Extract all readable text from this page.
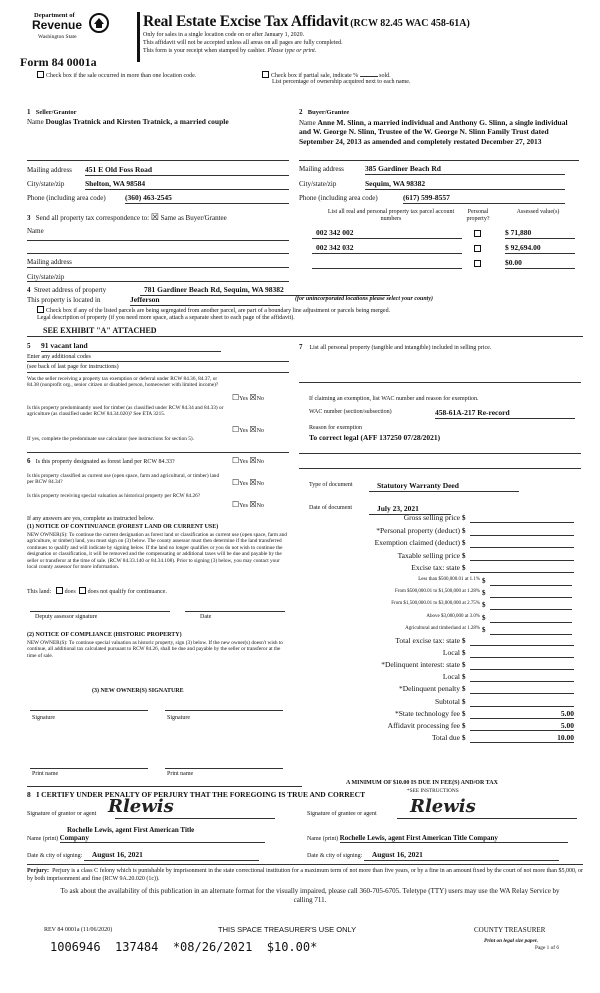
Department of
Revenue
Washington State
Form 84 0001a
Real Estate Excise Tax Affidavit (RCW 82.45 WAC 458-61A)
Only for sales in a single location code on or after January 1, 2020.
This affidavit will not be accepted unless all areas on all pages are fully completed.
This form is your receipt when stamped by cashier. Please type or print.
Check box if the sale occurred in more than one location code.	Check box if partial sale, indicate %	sold.
List percentage of ownership acquired next to each name.
1 Seller/Grantor
Name Douglas Tratnick and Kirsten Tratnick, a married couple
Mailing address 451 E Old Foss Road
City/state/zip	Shelton, WA 98584
Phone (including area code)	(360) 463-2545
3 Send all property tax correspondence to: ☒ Same as Buyer/Grantee
Name
Mailing address
City/state/zip
2 Buyer/Grantee
Name Anne M. Slinn, a married individual and Anthony G. Slinn, a single individual and W. George N. Slinn, Trustee of the W. George N. Slinn Family Trust dated September 24, 2013 as amended and completely restated December 27, 2013
Mailing address	385 Gardiner Beach Rd
City/state/zip	Sequim, WA 98382
Phone (including area code)	(617) 599-8557
List all real and personal property tax parcel account numbers
Personal property?
Assessed value(s)
002 342 002	$ 71,880
002 342 032	$ 92,694.00
$0.00
4 Street address of property	781 Gardiner Beach Rd, Sequim, WA 98382
This property is located in	Jefferson	(for unincorporated locations please select your county)
Check box if any of the listed parcels are being segregated from another parcel, are part of a boundary line adjustment or parcels being merged.
Legal description of property (if you need more space, attach a separate sheet to each page of the affidavit).
SEE EXHIBIT "A" ATTACHED
5 91 vacant land
Enter any additional codes
(see back of last page for instructions)
Was the seller receiving a property tax exemption or deferral under RCW 84.36, 84.37, or 84.38 (nonprofit org., senior citizen or disabled person, homeowner with limited income)?
☐Yes ☒No
Is this property predominantly used for timber (as classified under RCW 84.34 and 84.33) or agriculture (as classified under RCW 84.34.020)? See ETA 3215.
☐Yes ☒No
If yes, complete the predominate use calculator (see instructions for section 5).
6 Is this property designated as forest land per RCW 84.33?	☐Yes ☒No
Is this property classified as current use (open space, farm and agricultural, or timber) land per RCW 84.34?	☐Yes ☒No
Is this property receiving special valuation as historical property per RCW 84.26?
☐Yes ☒No
If any answers are yes, complete as instructed below.
(1) NOTICE OF CONTINUANCE (FOREST LAND OR CURRENT USE)
NEW OWNER(S): To continue the current designation as forest land or classification as current use (open space, farm and agriculture, or timber) land, you must sign on (3) below. The county assessor must then determine if the land transferred continues to qualify and will indicate by signing below. If the land no longer qualifies or you do not wish to continue the designation or classification, it will be removed and the compensating or additional taxes will be due and payable by the seller or transferor at the time of sale. (RCW 84.33.140 or 84.34.108). Prior to signing (3) below, you may contact your local county assessor for more information.
This land: does does not qualify for continuance.
Deputy assessor signature	Date
(2) NOTICE OF COMPLIANCE (HISTORIC PROPERTY)
NEW OWNER(S): To continue special valuation as historic property, sign (3) below. If the new owner(s) doesn't wish to continue, all additional tax calculated pursuant to RCW 84.26, shall be due and payable by the seller or transferor at the time of sale.
(3) NEW OWNER(S) SIGNATURE
Signature	Signature
Print name	Print name
7 List all personal property (tangible and intangible) included in selling price.
If claiming an exemption, list WAC number and reason for exemption.
WAC number (section/subsection)	458-61A-217 Re-record
Reason for exemption
To correct legal (AFF 137250 07/28/2021)
Type of document	Statutory Warranty Deed
Date of document	July 23, 2021
Gross selling price $
*Personal property (deduct) $
Exemption claimed (deduct) $
Taxable selling price $
Excise tax: state $
Less than $500,000.01 at 1.1% $
From $500,000.01 to $1,500,000 at 1.28% $
From $1,500,000.01 to $3,000,000 at 2.75% $
Above $3,000,000 at 3.0% $
Agricultural and timberland at 1.28% $
Total excise tax: state $
Local $
*Delinquent interest: state $
Local $
*Delinquent penalty $
Subtotal $
*State technology fee $	5.00
Affidavit processing fee $	5.00
Total due $	10.00
A MINIMUM OF $10.00 IS DUE IN FEE(S) AND/OR TAX
*SEE INSTRUCTIONS
8 I CERTIFY UNDER PENALTY OF PERJURY THAT THE FOREGOING IS TRUE AND CORRECT
Signature of grantor or agent Rlewis	Signature of grantee or agent Rlewis
Rochelle Lewis, agent First American Title
Name (print) Company	Name (print) Rochelle Lewis, agent First American Title Company
Date & city of signing: August 16, 2021	Date & city of signing: August 16, 2021
Perjury: Perjury is a class C felony which is punishable by imprisonment in the state correctional institution for a maximum term of not more than five years, or by a fine in an amount fixed by the court of not more than $5,000, or by both imprisonment and fine (RCW 9A.20.020 (1c)).
To ask about the availability of this publication in an alternate format for the visually impaired, please call 360-705-6705. Teletype (TTY) users may use the WA Relay Service by calling 711.
REV 84 0001a (11/06/2020)	THIS SPACE TREASURER'S USE ONLY	COUNTY TREASURER
Print on legal size paper.
Page 1 of 6
1006946  137484  *08/26/2021  $10.00*
